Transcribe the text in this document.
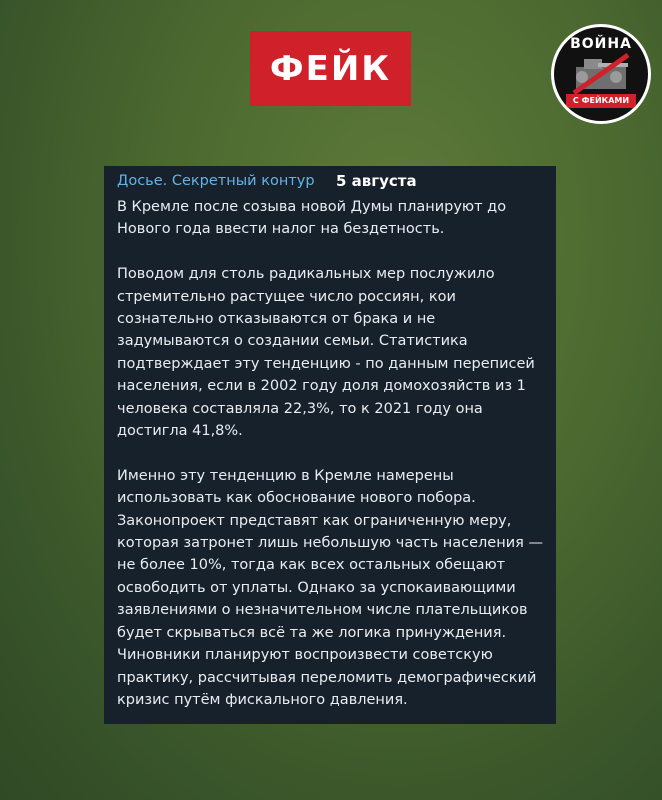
ФЕЙК
ВОЙНА
С ФЕЙКАМИ
Досье. Секретный контур	5 августа

В Кремле после созыва новой Думы планируют до Нового года ввести налог на бездетность.

Поводом для столь радикальных мер послужило стремительно растущее число россиян, кои сознательно отказываются от брака и не задумываются о создании семьи. Статистика подтверждает эту тенденцию - по данным переписей населения, если в 2002 году доля домохозяйств из 1 человека составляла 22,3%, то к 2021 году она достигла 41,8%.

Именно эту тенденцию в Кремле намерены использовать как обоснование нового побора. Законопроект представят как ограниченную меру, которая затронет лишь небольшую часть населения — не более 10%, тогда как всех остальных обещают освободить от уплаты. Однако за успокаивающими заявлениями о незначительном числе плательщиков будет скрываться всё та же логика принуждения. Чиновники планируют воспроизвести советскую практику, рассчитывая переломить демографический кризис путём фискального давления.
